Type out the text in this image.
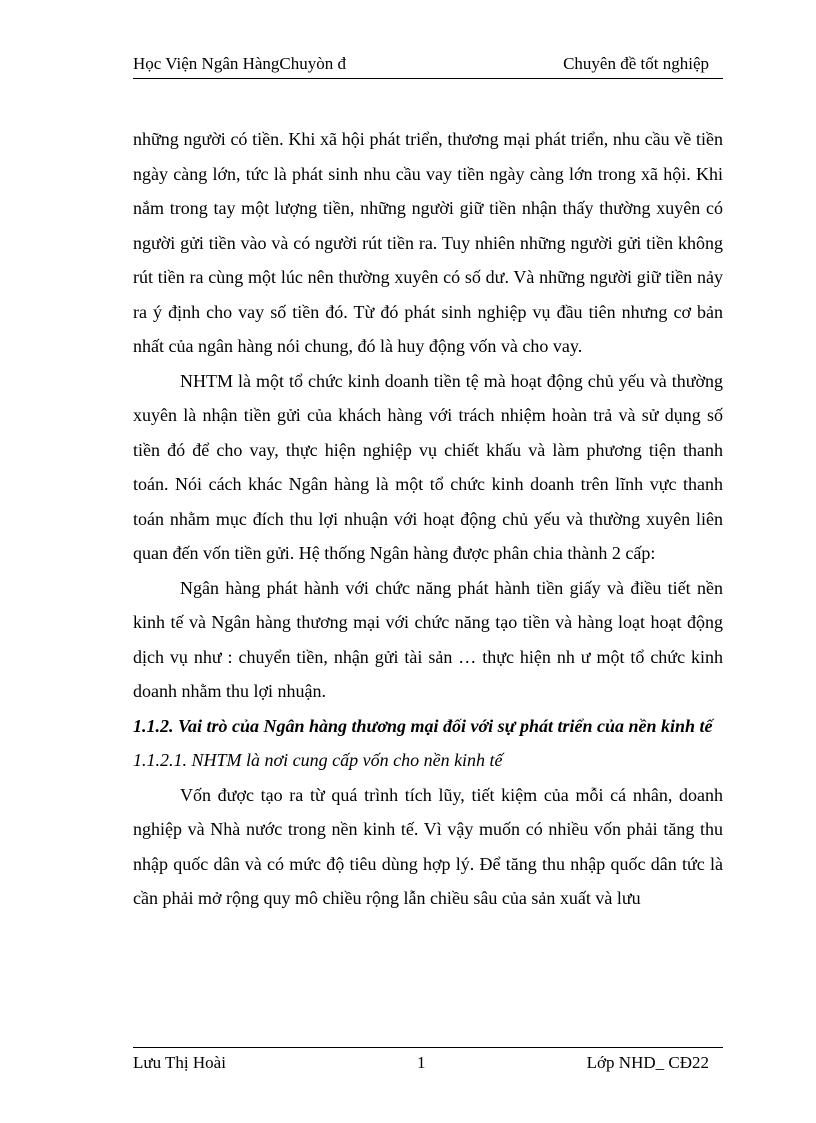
Học Viện Ngân HàngChuyòn đ	Chuyên đề tốt nghiệp

những người có tiền. Khi xã hội phát triển, thương mại phát triển, nhu cầu về tiền ngày càng lớn, tức là phát sinh nhu cầu vay tiền ngày càng lớn trong xã hội. Khi nắm trong tay một lượng tiền, những người giữ tiền nhận thấy thường xuyên có người gửi tiền vào và có người rút tiền ra. Tuy nhiên những người gửi tiền không rút tiền ra cùng một lúc nên thường xuyên có số dư. Và những người giữ tiền nảy ra ý định cho vay số tiền đó. Từ đó phát sinh nghiệp vụ đầu tiên nhưng cơ bản nhất của ngân hàng nói chung, đó là huy động vốn và cho vay.

NHTM là một tổ chức kinh doanh tiền tệ mà hoạt động chủ yếu và thường xuyên là nhận tiền gửi của khách hàng với trách nhiệm hoàn trả và sử dụng số tiền đó để cho vay, thực hiện nghiệp vụ chiết khấu và làm phương tiện thanh toán. Nói cách khác Ngân hàng là một tổ chức kinh doanh trên lĩnh vực thanh toán nhằm mục đích thu lợi nhuận với hoạt động chủ yếu và thường xuyên liên quan đến vốn tiền gửi. Hệ thống Ngân hàng được phân chia thành 2 cấp:

Ngân hàng phát hành với chức năng phát hành tiền giấy và điều tiết nền kinh tế và Ngân hàng thương mại với chức năng tạo tiền và hàng loạt hoạt động dịch vụ như : chuyển tiền, nhận gửi tài sản … thực hiện nh ư một tổ chức kinh doanh nhằm thu lợi nhuận.

1.1.2. Vai trò của Ngân hàng thương mại đối với sự phát triển của nền kinh tế

1.1.2.1. NHTM là nơi cung cấp vốn cho nền kinh tế

Vốn được tạo ra từ quá trình tích lũy, tiết kiệm của mỗi cá nhân, doanh nghiệp và Nhà nước trong nền kinh tế. Vì vậy muốn có nhiều vốn phải tăng thu nhập quốc dân và có mức độ tiêu dùng hợp lý. Để tăng thu nhập quốc dân tức là cần phải mở rộng quy mô chiều rộng lẫn chiều sâu của sản xuất và lưu

Lưu Thị Hoài	1	Lớp NHD_ CĐ22
